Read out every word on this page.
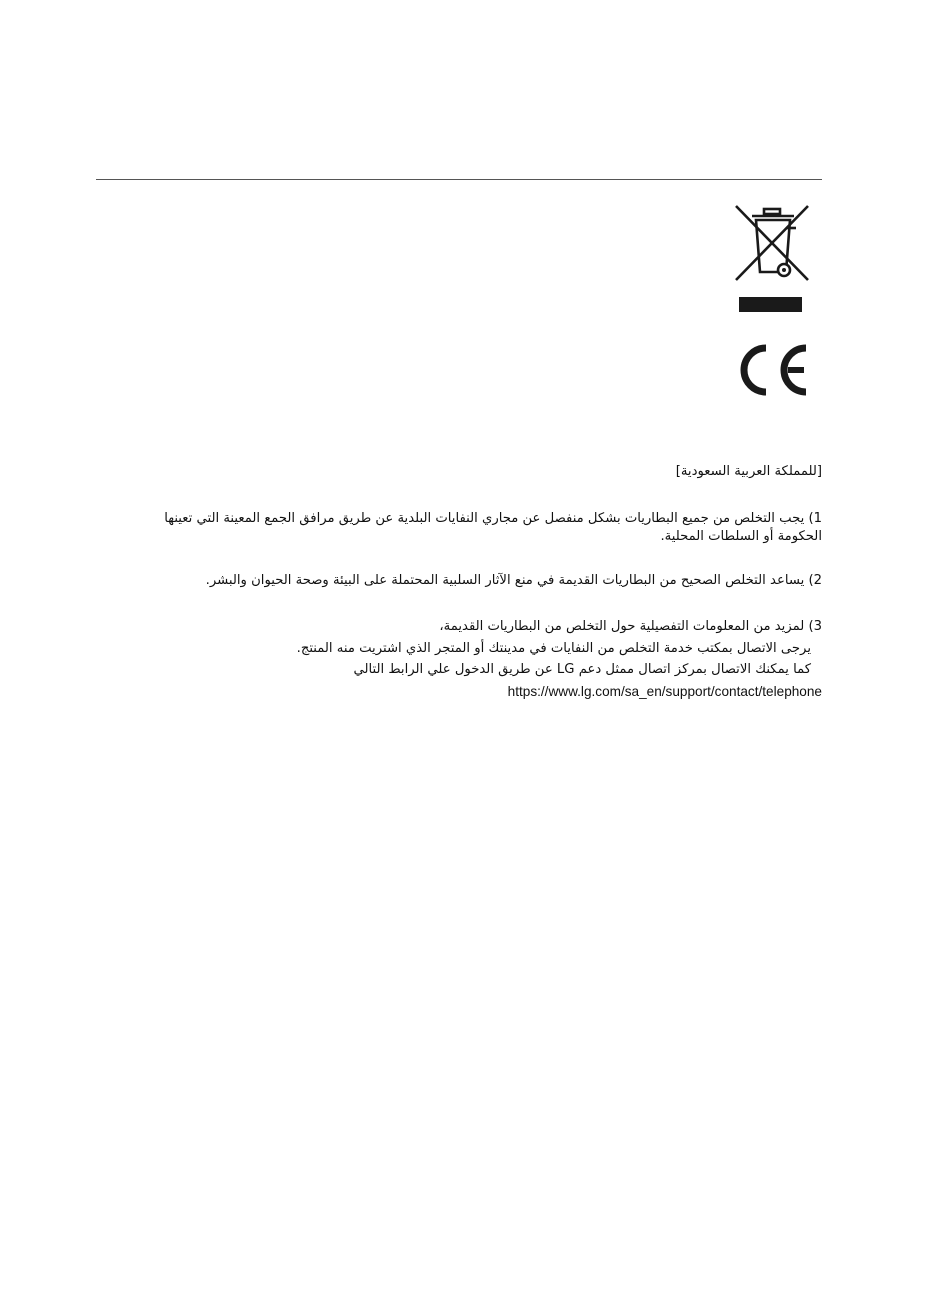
[للمملكة العربية السعودية]
1) يجب التخلص من جميع البطاريات بشكل منفصل عن مجاري النفايات البلدية عن طريق مرافق الجمع المعينة التي تعينها الحكومة أو السلطات المحلية.
2) يساعد التخلص الصحيح من البطاريات القديمة في منع الآثار السلبية المحتملة على البيئة وصحة الحيوان والبشر.
3) لمزيد من المعلومات التفصيلية حول التخلص من البطاريات القديمة،
يرجى الاتصال بمكتب خدمة التخلص من النفايات في مدينتك أو المتجر الذي اشتريت منه المنتج.
كما يمكنك الاتصال بمركز اتصال ممثل دعم LG عن طريق الدخول علي الرابط التالي
https://www.lg.com/sa_en/support/contact/telephone
